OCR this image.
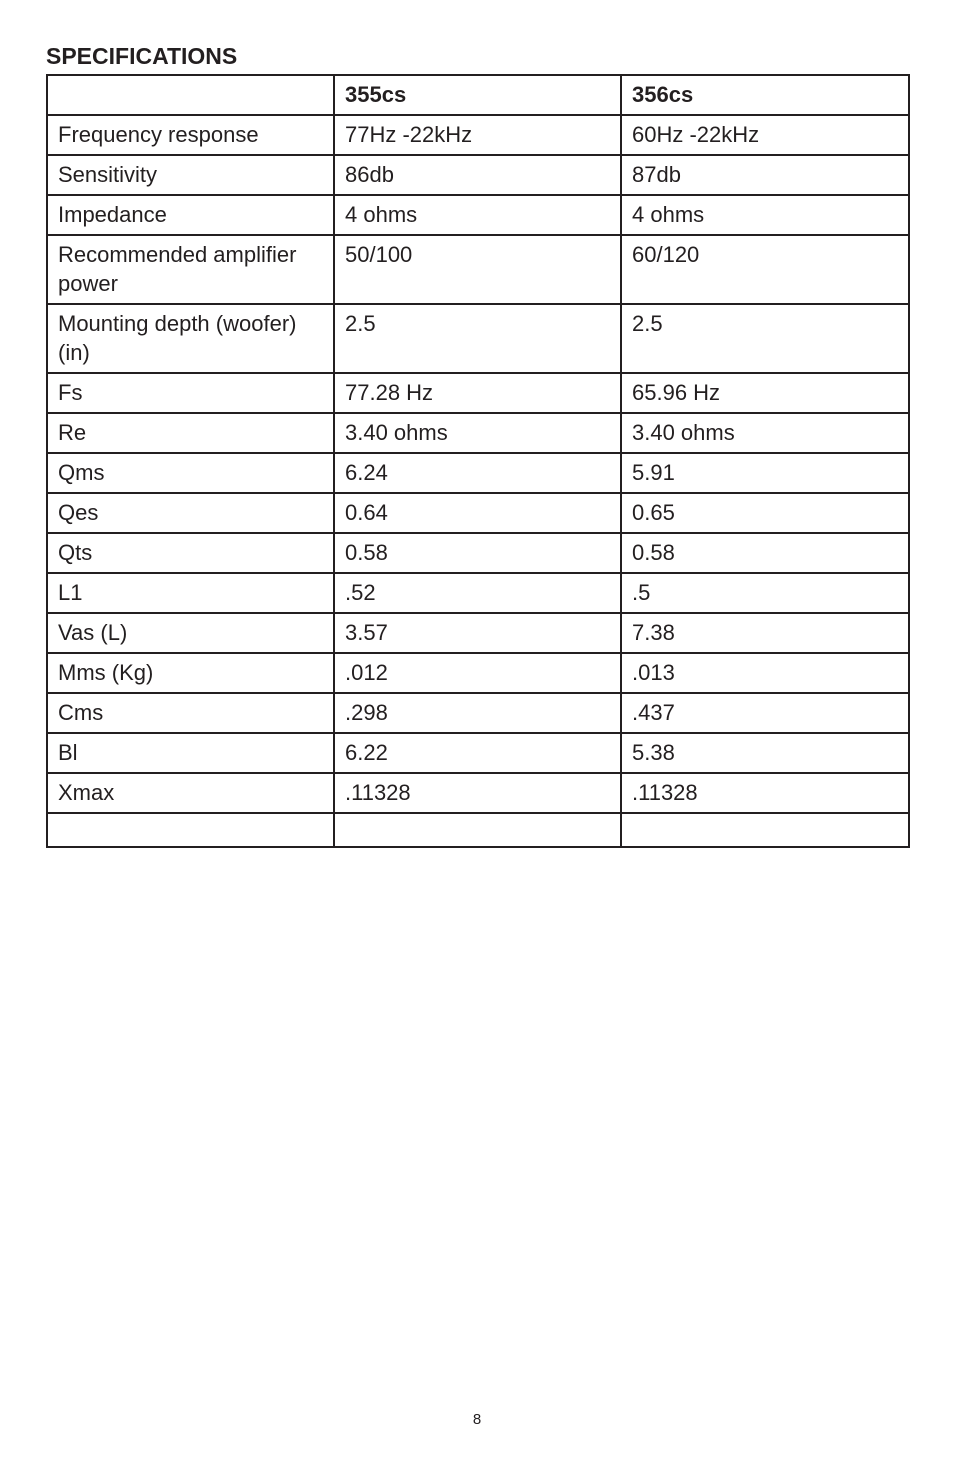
SPECIFICATIONS
	355cs	356cs
Frequency response	77Hz -22kHz	60Hz -22kHz
Sensitivity	86db	87db
Impedance	4 ohms	4 ohms
Recommended amplifier power	50/100	60/120
Mounting depth (woofer) (in)	2.5	2.5
Fs	77.28 Hz	65.96 Hz
Re	3.40 ohms	3.40 ohms
Qms	6.24	5.91
Qes	0.64	0.65
Qts	0.58	0.58
L1	.52	.5
Vas (L)	3.57	7.38
Mms (Kg)	.012	.013
Cms	.298	.437
Bl	6.22	5.38
Xmax	.11328	.11328

8
